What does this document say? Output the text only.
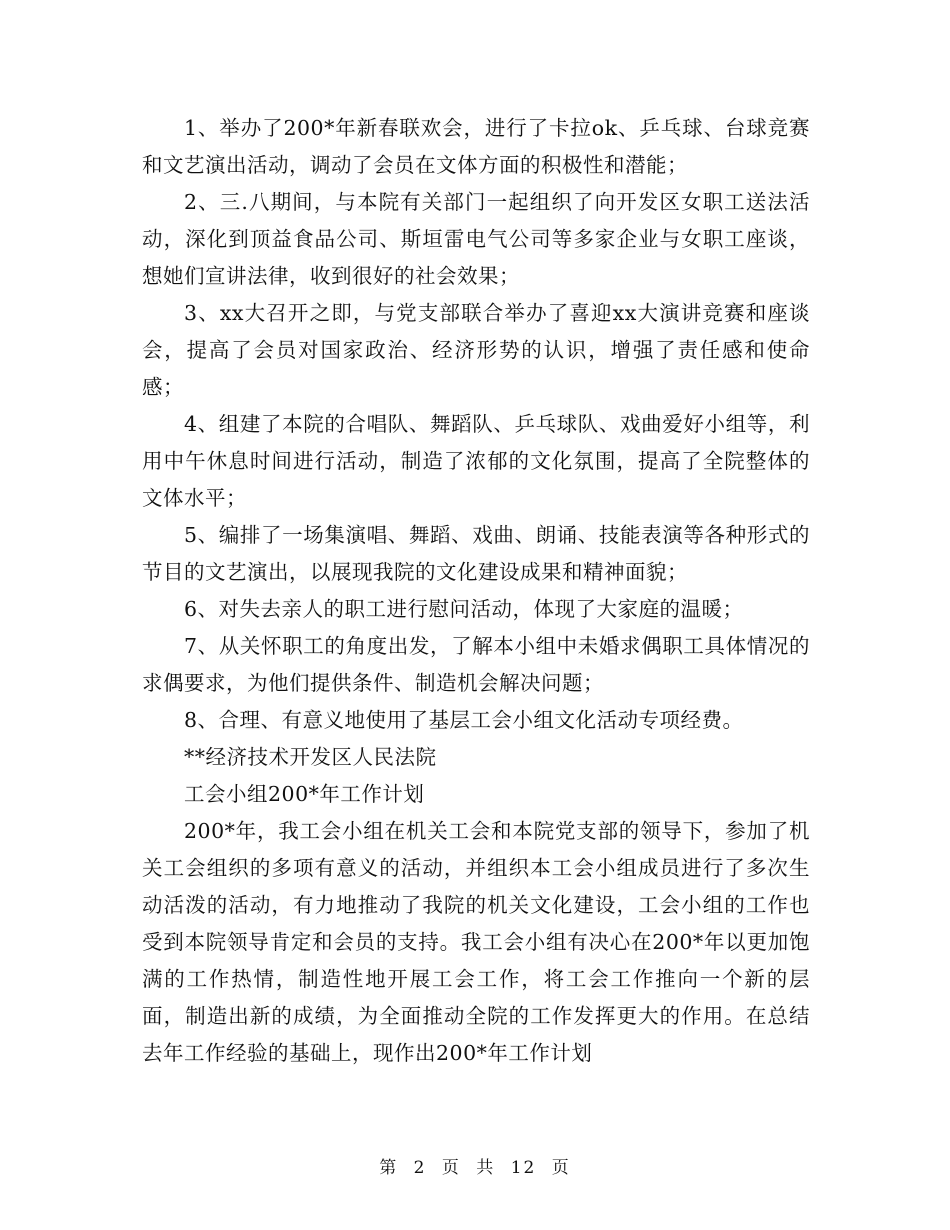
1、举办了200*年新春联欢会，进行了卡拉ok、乒乓球、台球竞赛和文艺演出活动，调动了会员在文体方面的积极性和潜能；

2、三.八期间，与本院有关部门一起组织了向开发区女职工送法活动，深化到顶益食品公司、斯垣雷电气公司等多家企业与女职工座谈，想她们宣讲法律，收到很好的社会效果；

3、xx大召开之即，与党支部联合举办了喜迎xx大演讲竞赛和座谈会，提高了会员对国家政治、经济形势的认识，增强了责任感和使命感；

4、组建了本院的合唱队、舞蹈队、乒乓球队、戏曲爱好小组等，利用中午休息时间进行活动，制造了浓郁的文化氛围，提高了全院整体的文体水平；

5、编排了一场集演唱、舞蹈、戏曲、朗诵、技能表演等各种形式的节目的文艺演出，以展现我院的文化建设成果和精神面貌；

6、对失去亲人的职工进行慰问活动，体现了大家庭的温暖；

7、从关怀职工的角度出发，了解本小组中未婚求偶职工具体情况的求偶要求，为他们提供条件、制造机会解决问题；

8、合理、有意义地使用了基层工会小组文化活动专项经费。

**经济技术开发区人民法院

工会小组200*年工作计划

200*年，我工会小组在机关工会和本院党支部的领导下，参加了机关工会组织的多项有意义的活动，并组织本工会小组成员进行了多次生动活泼的活动，有力地推动了我院的机关文化建设，工会小组的工作也受到本院领导肯定和会员的支持。我工会小组有决心在200*年以更加饱满的工作热情，制造性地开展工会工作，将工会工作推向一个新的层面，制造出新的成绩，为全面推动全院的工作发挥更大的作用。在总结去年工作经验的基础上，现作出200*年工作计划

第 2 页 共 12 页
